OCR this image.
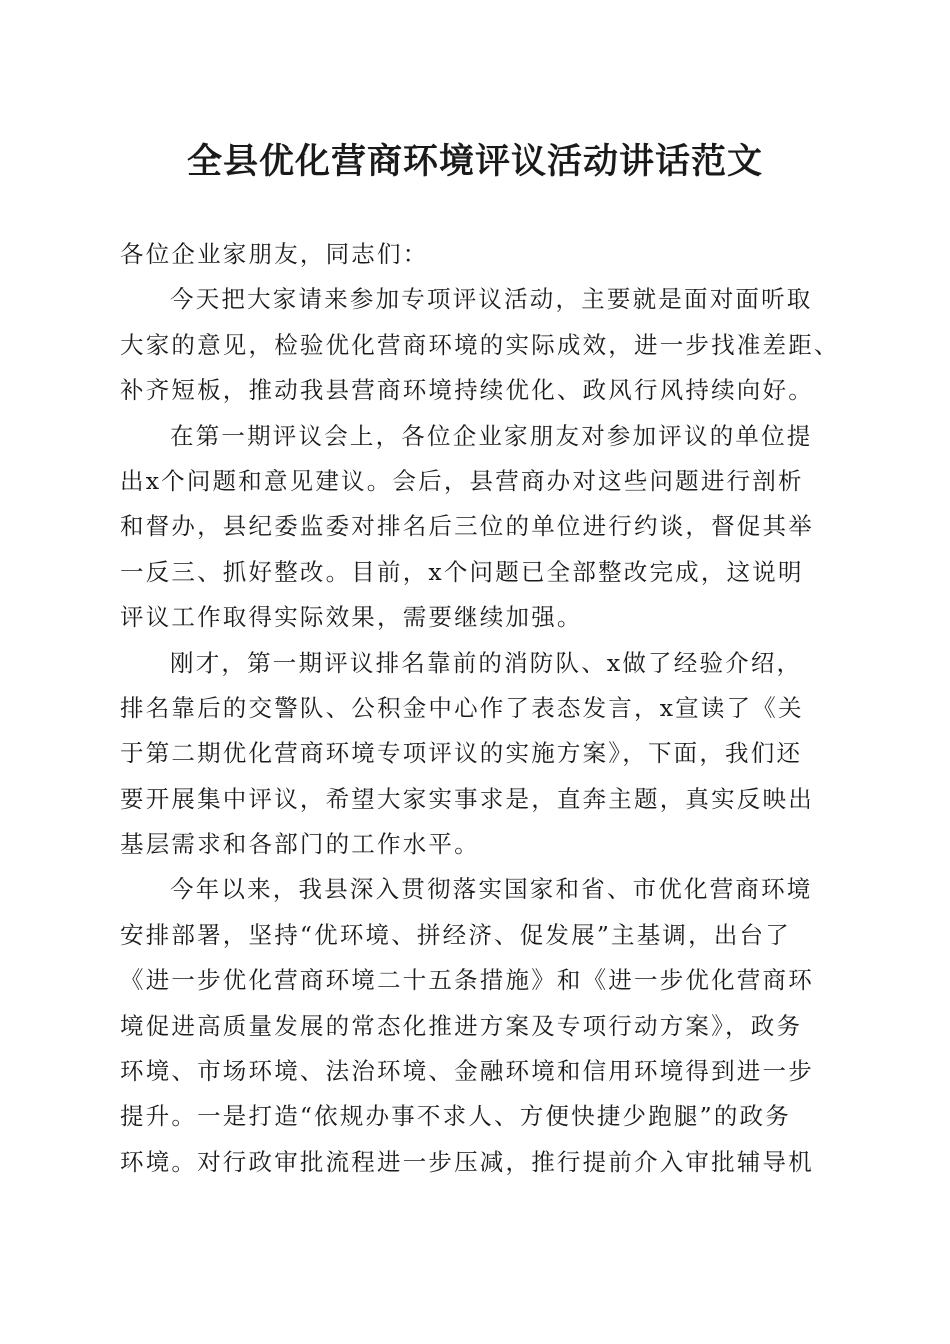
全县优化营商环境评议活动讲话范文
各位企业家朋友，同志们：
今天把大家请来参加专项评议活动，主要就是面对面听取
大家的意见，检验优化营商环境的实际成效，进一步找准差距、
补齐短板，推动我县营商环境持续优化、政风行风持续向好。
在第一期评议会上，各位企业家朋友对参加评议的单位提
出x个问题和意见建议。会后，县营商办对这些问题进行剖析
和督办，县纪委监委对排名后三位的单位进行约谈，督促其举
一反三、抓好整改。目前，x个问题已全部整改完成，这说明
评议工作取得实际效果，需要继续加强。
刚才，第一期评议排名靠前的消防队、x做了经验介绍，
排名靠后的交警队、公积金中心作了表态发言，x宣读了《关
于第二期优化营商环境专项评议的实施方案》，下面，我们还
要开展集中评议，希望大家实事求是，直奔主题，真实反映出
基层需求和各部门的工作水平。
今年以来，我县深入贯彻落实国家和省、市优化营商环境
安排部署，坚持“优环境、拼经济、促发展”主基调，出台了
《进一步优化营商环境二十五条措施》和《进一步优化营商环
境促进高质量发展的常态化推进方案及专项行动方案》，政务
环境、市场环境、法治环境、金融环境和信用环境得到进一步
提升。一是打造“依规办事不求人、方便快捷少跑腿”的政务
环境。对行政审批流程进一步压减，推行提前介入审批辅导机
